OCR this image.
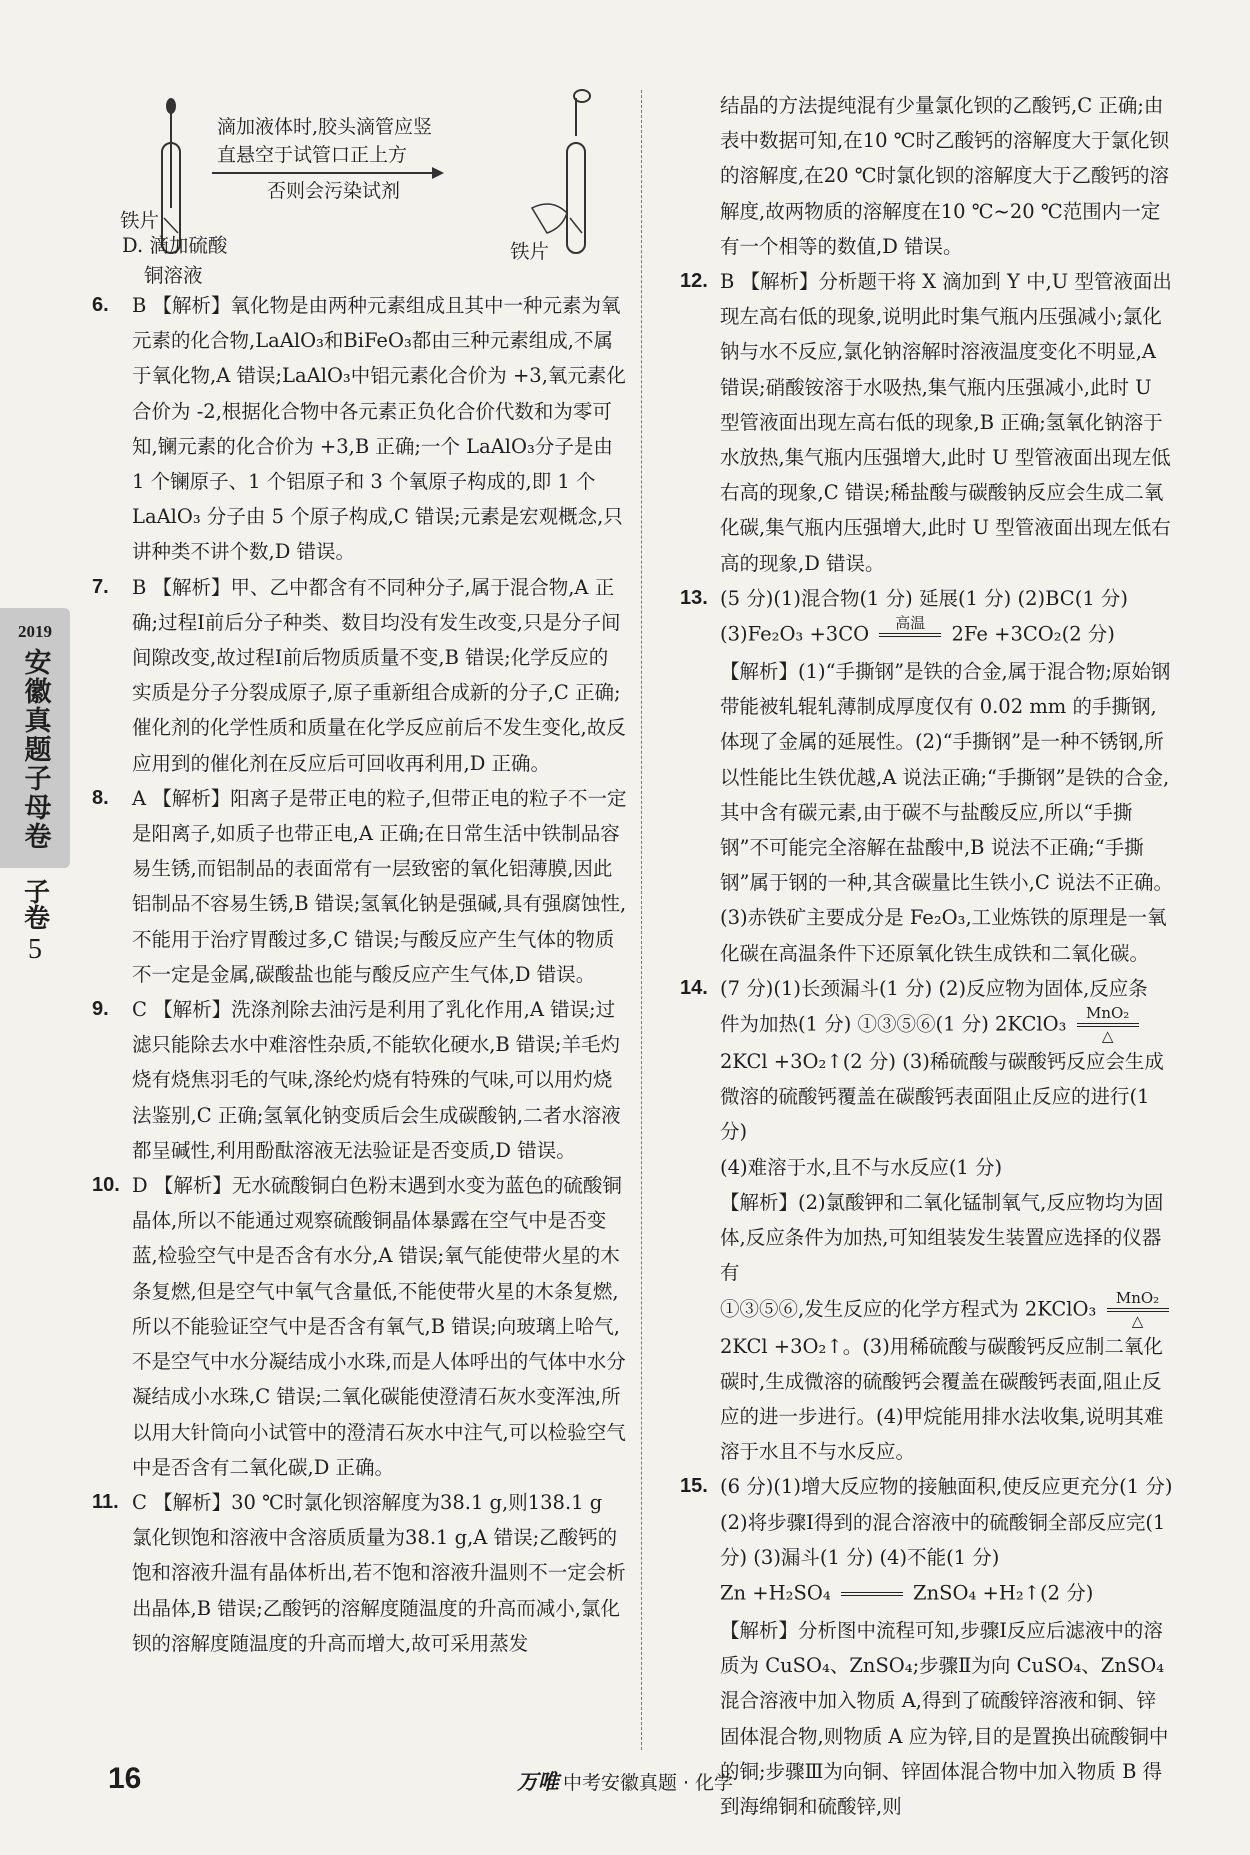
2019
安徽真题子母卷
子卷
5
滴加液体时,胶头滴管应竖
直悬空于试管口正上方
否则会污染试剂
铁片
铁片
D. 滴加硫酸
铜溶液
6. B 【解析】氧化物是由两种元素组成且其中一种元素为氧元素的化合物,LaAlO₃和BiFeO₃都由三种元素组成,不属于氧化物,A 错误;LaAlO₃中铝元素化合价为 +3,氧元素化合价为 -2,根据化合物中各元素正负化合价代数和为零可知,镧元素的化合价为 +3,B 正确;一个 LaAlO₃分子是由 1 个镧原子、1 个铝原子和 3 个氧原子构成的,即 1 个 LaAlO₃ 分子由 5 个原子构成,C 错误;元素是宏观概念,只讲种类不讲个数,D 错误。

7. B 【解析】甲、乙中都含有不同种分子,属于混合物,A 正确;过程Ⅰ前后分子种类、数目均没有发生改变,只是分子间间隙改变,故过程Ⅰ前后物质质量不变,B 错误;化学反应的实质是分子分裂成原子,原子重新组合成新的分子,C 正确;催化剂的化学性质和质量在化学反应前后不发生变化,故反应用到的催化剂在反应后可回收再利用,D 正确。

8. A 【解析】阳离子是带正电的粒子,但带正电的粒子不一定是阳离子,如质子也带正电,A 正确;在日常生活中铁制品容易生锈,而铝制品的表面常有一层致密的氧化铝薄膜,因此铝制品不容易生锈,B 错误;氢氧化钠是强碱,具有强腐蚀性,不能用于治疗胃酸过多,C 错误;与酸反应产生气体的物质不一定是金属,碳酸盐也能与酸反应产生气体,D 错误。

9. C 【解析】洗涤剂除去油污是利用了乳化作用,A 错误;过滤只能除去水中难溶性杂质,不能软化硬水,B 错误;羊毛灼烧有烧焦羽毛的气味,涤纶灼烧有特殊的气味,可以用灼烧法鉴别,C 正确;氢氧化钠变质后会生成碳酸钠,二者水溶液都呈碱性,利用酚酞溶液无法验证是否变质,D 错误。

10. D 【解析】无水硫酸铜白色粉末遇到水变为蓝色的硫酸铜晶体,所以不能通过观察硫酸铜晶体暴露在空气中是否变蓝,检验空气中是否含有水分,A 错误;氧气能使带火星的木条复燃,但是空气中氧气含量低,不能使带火星的木条复燃,所以不能验证空气中是否含有氧气,B 错误;向玻璃上哈气,不是空气中水分凝结成小水珠,而是人体呼出的气体中水分凝结成小水珠,C 错误;二氧化碳能使澄清石灰水变浑浊,所以用大针筒向小试管中的澄清石灰水中注气,可以检验空气中是否含有二氧化碳,D 正确。

11. C 【解析】30 ℃时氯化钡溶解度为38.1 g,则138.1 g 氯化钡饱和溶液中含溶质质量为38.1 g,A 错误;乙酸钙的饱和溶液升温有晶体析出,若不饱和溶液升温则不一定会析出晶体,B 错误;乙酸钙的溶解度随温度的升高而减小,氯化钡的溶解度随温度的升高而增大,故可采用蒸发

结晶的方法提纯混有少量氯化钡的乙酸钙,C 正确;由表中数据可知,在10 ℃时乙酸钙的溶解度大于氯化钡的溶解度,在20 ℃时氯化钡的溶解度大于乙酸钙的溶解度,故两物质的溶解度在10 ℃~20 ℃范围内一定有一个相等的数值,D 错误。

12. B 【解析】分析题干将 X 滴加到 Y 中,U 型管液面出现左高右低的现象,说明此时集气瓶内压强减小;氯化钠与水不反应,氯化钠溶解时溶液温度变化不明显,A 错误;硝酸铵溶于水吸热,集气瓶内压强减小,此时 U 型管液面出现左高右低的现象,B 正确;氢氧化钠溶于水放热,集气瓶内压强增大,此时 U 型管液面出现左低右高的现象,C 错误;稀盐酸与碳酸钠反应会生成二氧化碳,集气瓶内压强增大,此时 U 型管液面出现左低右高的现象,D 错误。

13. (5 分)(1)混合物(1 分) 延展(1 分) (2)BC(1 分)

(3)Fe₂O₃ +3CO	高温
	2Fe +3CO₂(2 分)

【解析】(1)“手撕钢”是铁的合金,属于混合物;原始钢带能被轧辊轧薄制成厚度仅有 0.02 mm 的手撕钢,体现了金属的延展性。(2)“手撕钢”是一种不锈钢,所以性能比生铁优越,A 说法正确;“手撕钢”是铁的合金,其中含有碳元素,由于碳不与盐酸反应,所以“手撕钢”不可能完全溶解在盐酸中,B 说法不正确;“手撕钢”属于钢的一种,其含碳量比生铁小,C 说法不正确。(3)赤铁矿主要成分是 Fe₂O₃,工业炼铁的原理是一氧化碳在高温条件下还原氧化铁生成铁和二氧化碳。

14. (7 分)(1)长颈漏斗(1 分) (2)反应物为固体,反应条

件为加热(1 分) ①③⑤⑥(1 分) 2KClO₃	MnO₂
△

2KCl +3O₂↑(2 分) (3)稀硫酸与碳酸钙反应会生成微溶的硫酸钙覆盖在碳酸钙表面阻止反应的进行(1 分)

(4)难溶于水,且不与水反应(1 分)

【解析】(2)氯酸钾和二氧化锰制氧气,反应物均为固体,反应条件为加热,可知组装发生装置应选择的仪器有

①③⑤⑥,发生反应的化学方程式为 2KClO₃	MnO₂
△

2KCl +3O₂↑。(3)用稀硫酸与碳酸钙反应制二氧化碳时,生成微溶的硫酸钙会覆盖在碳酸钙表面,阻止反应的进一步进行。(4)甲烷能用排水法收集,说明其难溶于水且不与水反应。

15. (6 分)(1)增大反应物的接触面积,使反应更充分(1 分)

(2)将步骤Ⅰ得到的混合溶液中的硫酸铜全部反应完(1 分) (3)漏斗(1 分) (4)不能(1 分)

Zn +H₂SO₄

	ZnSO₄ +H₂↑(2 分)

【解析】分析图中流程可知,步骤Ⅰ反应后滤液中的溶质为 CuSO₄、ZnSO₄;步骤Ⅱ为向 CuSO₄、ZnSO₄混合溶液中加入物质 A,得到了硫酸锌溶液和铜、锌固体混合物,则物质 A 应为锌,目的是置换出硫酸铜中的铜;步骤Ⅲ为向铜、锌固体混合物中加入物质 B 得到海绵铜和硫酸锌,则

16	万唯 中考安徽真题 · 化学
